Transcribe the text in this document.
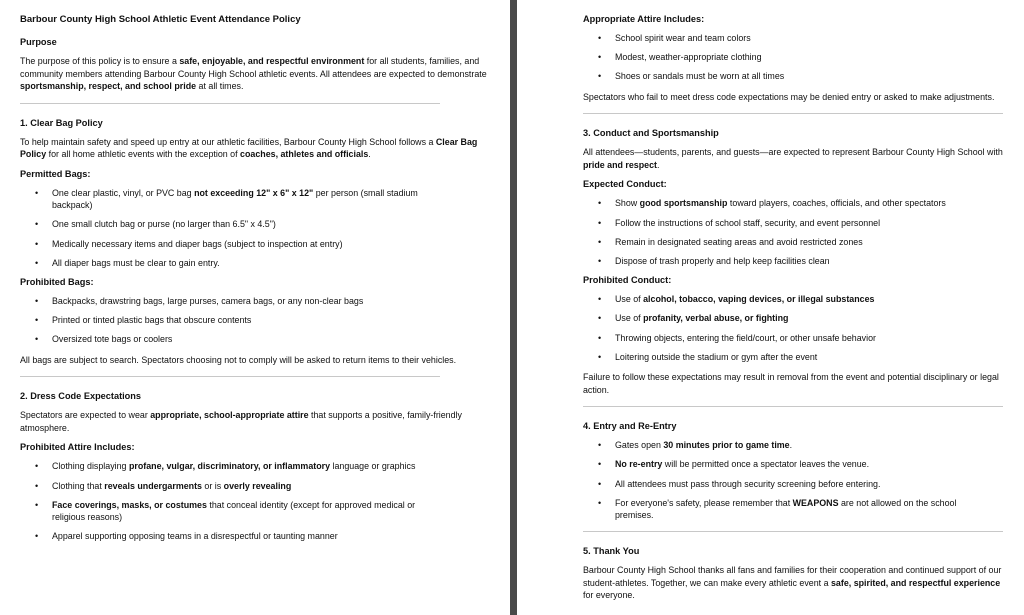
Barbour County High School Athletic Event Attendance Policy
Purpose
The purpose of this policy is to ensure a safe, enjoyable, and respectful environment for all students, families, and community members attending Barbour County High School athletic events. All attendees are expected to demonstrate sportsmanship, respect, and school pride at all times.
1. Clear Bag Policy
To help maintain safety and speed up entry at our athletic facilities, Barbour County High School follows a Clear Bag Policy for all home athletic events with the exception of coaches, athletes and officials.
Permitted Bags:
• One clear plastic, vinyl, or PVC bag not exceeding 12" x 6" x 12" per person (small stadium backpack)
• One small clutch bag or purse (no larger than 6.5" x 4.5")
• Medically necessary items and diaper bags (subject to inspection at entry)
• All diaper bags must be clear to gain entry.
Prohibited Bags:
• Backpacks, drawstring bags, large purses, camera bags, or any non-clear bags
• Printed or tinted plastic bags that obscure contents
• Oversized tote bags or coolers
All bags are subject to search. Spectators choosing not to comply will be asked to return items to their vehicles.
2. Dress Code Expectations
Spectators are expected to wear appropriate, school-appropriate attire that supports a positive, family-friendly atmosphere.
Prohibited Attire Includes:
• Clothing displaying profane, vulgar, discriminatory, or inflammatory language or graphics
• Clothing that reveals undergarments or is overly revealing
• Face coverings, masks, or costumes that conceal identity (except for approved medical or religious reasons)
• Apparel supporting opposing teams in a disrespectful or taunting manner
Appropriate Attire Includes:
• School spirit wear and team colors
• Modest, weather-appropriate clothing
• Shoes or sandals must be worn at all times
Spectators who fail to meet dress code expectations may be denied entry or asked to make adjustments.
3. Conduct and Sportsmanship
All attendees—students, parents, and guests—are expected to represent Barbour County High School with pride and respect.
Expected Conduct:
• Show good sportsmanship toward players, coaches, officials, and other spectators
• Follow the instructions of school staff, security, and event personnel
• Remain in designated seating areas and avoid restricted zones
• Dispose of trash properly and help keep facilities clean
Prohibited Conduct:
• Use of alcohol, tobacco, vaping devices, or illegal substances
• Use of profanity, verbal abuse, or fighting
• Throwing objects, entering the field/court, or other unsafe behavior
• Loitering outside the stadium or gym after the event
Failure to follow these expectations may result in removal from the event and potential disciplinary or legal action.
4. Entry and Re-Entry
• Gates open 30 minutes prior to game time.
• No re-entry will be permitted once a spectator leaves the venue.
• All attendees must pass through security screening before entering.
• For everyone's safety, please remember that WEAPONS are not allowed on the school premises.
5. Thank You
Barbour County High School thanks all fans and families for their cooperation and continued support of our student-athletes. Together, we can make every athletic event a safe, spirited, and respectful experience for everyone.
